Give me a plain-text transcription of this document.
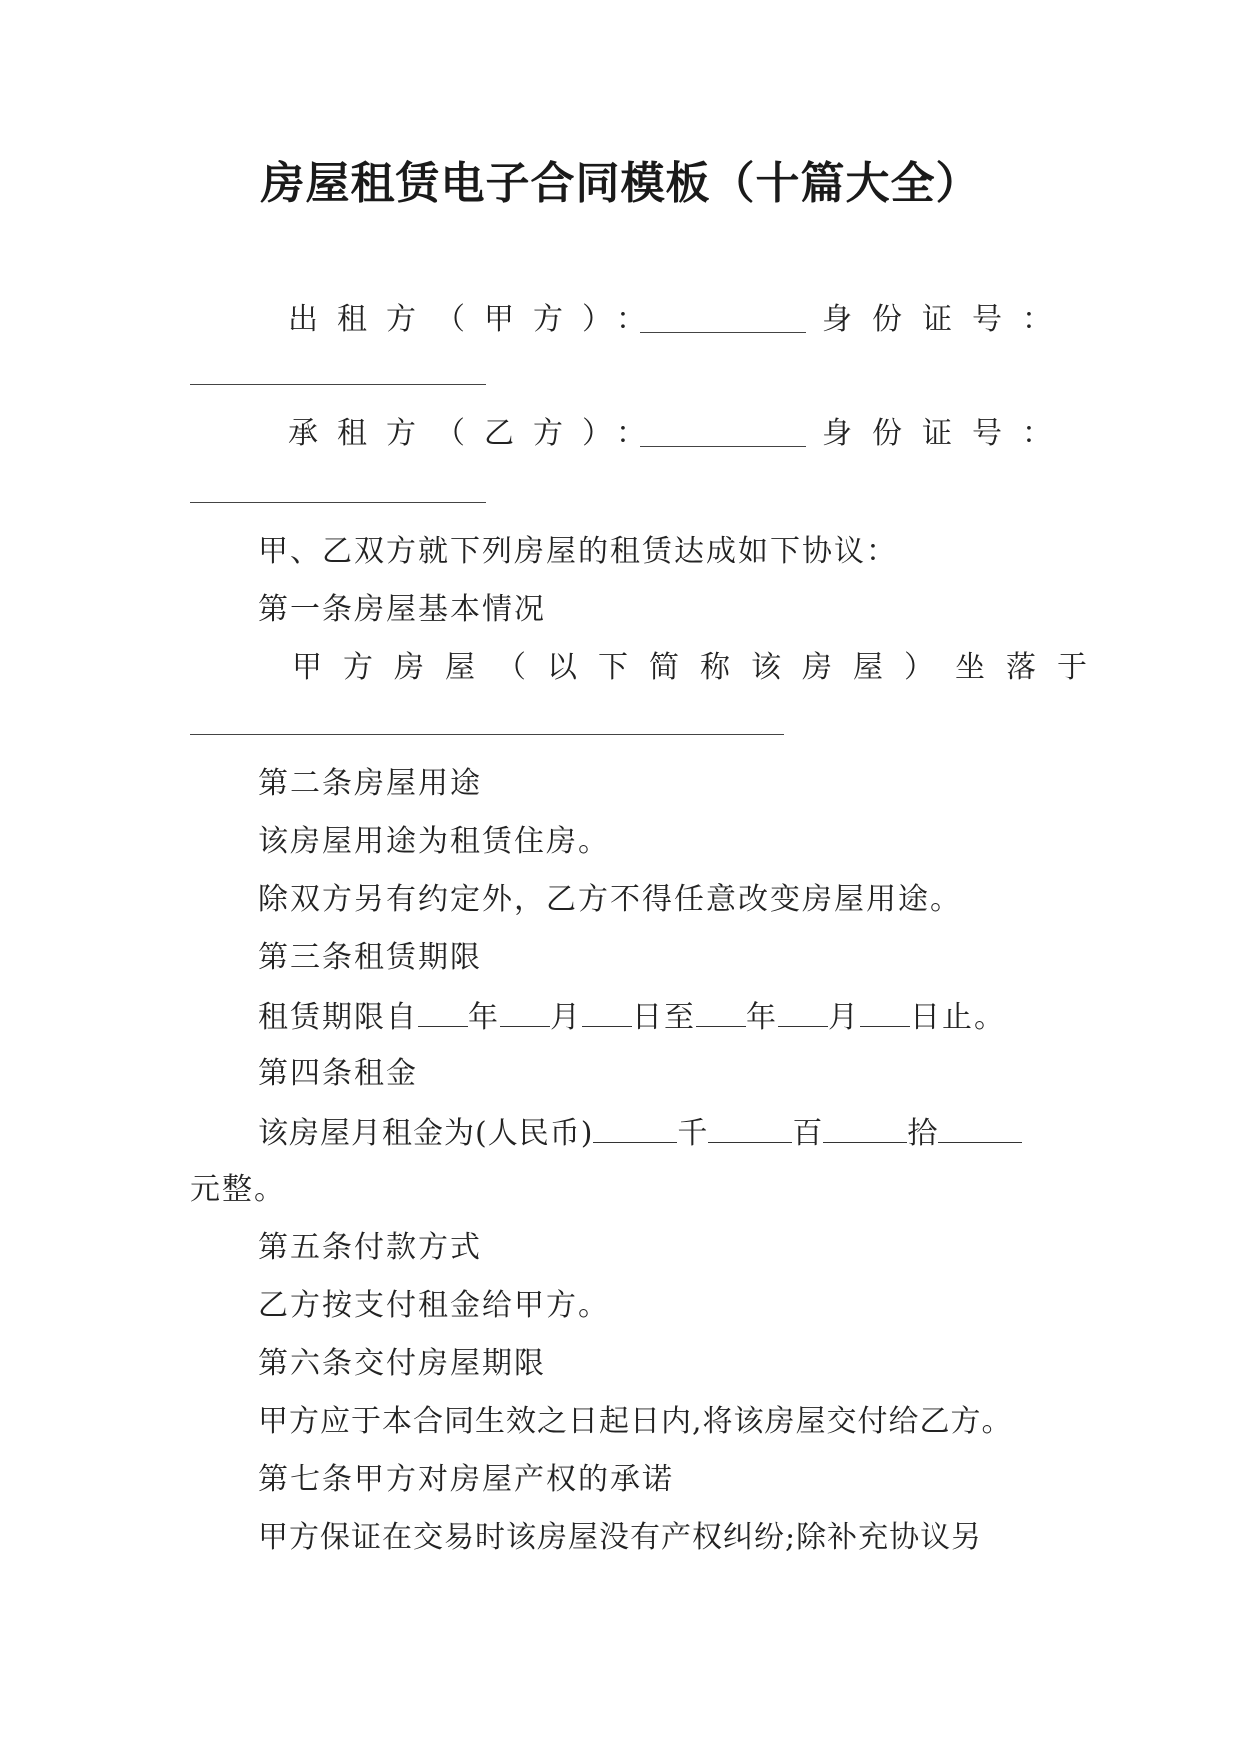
房屋租赁电子合同模板（十篇大全）
出租方（甲方）：	身份证号：
承租方（乙方）：	身份证号：
甲、乙双方就下列房屋的租赁达成如下协议：
第一条房屋基本情况
甲方房屋（以下简称该房屋）坐落于
第二条房屋用途
该房屋用途为租赁住房。
除双方另有约定外，乙方不得任意改变房屋用途。
第三条租赁期限
租赁期限自 年 月 日至 年 月 日止。
第四条租金
该房屋月租金为(人民币)	千	百	拾
元整。
第五条付款方式
乙方按支付租金给甲方。
第六条交付房屋期限
甲方应于本合同生效之日起日内,将该房屋交付给乙方。
第七条甲方对房屋产权的承诺
甲方保证在交易时该房屋没有产权纠纷;除补充协议另
